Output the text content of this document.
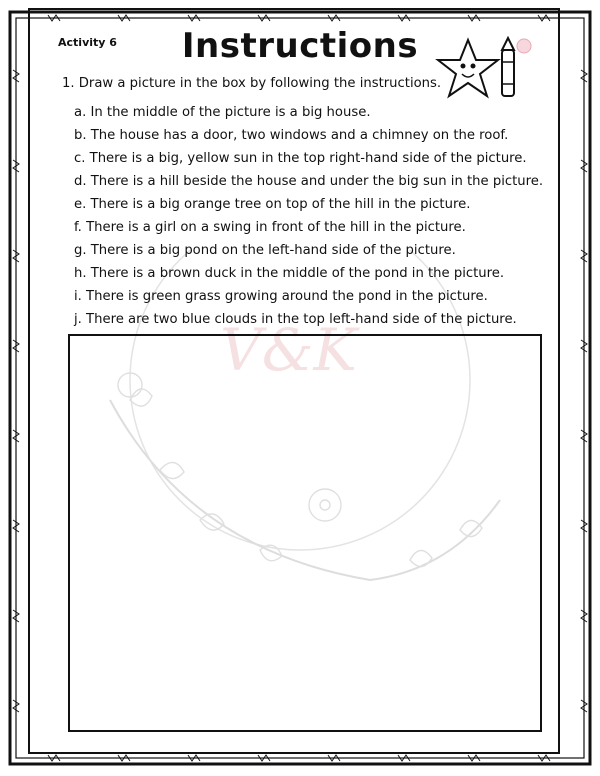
V&K
Activity 6	Instructions
1. Draw a picture in the box by following the instructions.
a. In the middle of the picture is a big house.
b. The house has a door, two windows and a chimney on the roof.
c. There is a big, yellow sun in the top right-hand side of the picture.
d. There is a hill beside the house and under the big sun in the picture.
e. There is a big orange tree on top of the hill in the picture.
f. There is a girl on a swing in front of the hill in the picture.
g. There is a big pond on the left-hand side of the picture.
h. There is a brown duck in the middle of the pond in the picture.
i. There is green grass growing around the pond in the picture.
j. There are two blue clouds in the top left-hand side of the picture.
